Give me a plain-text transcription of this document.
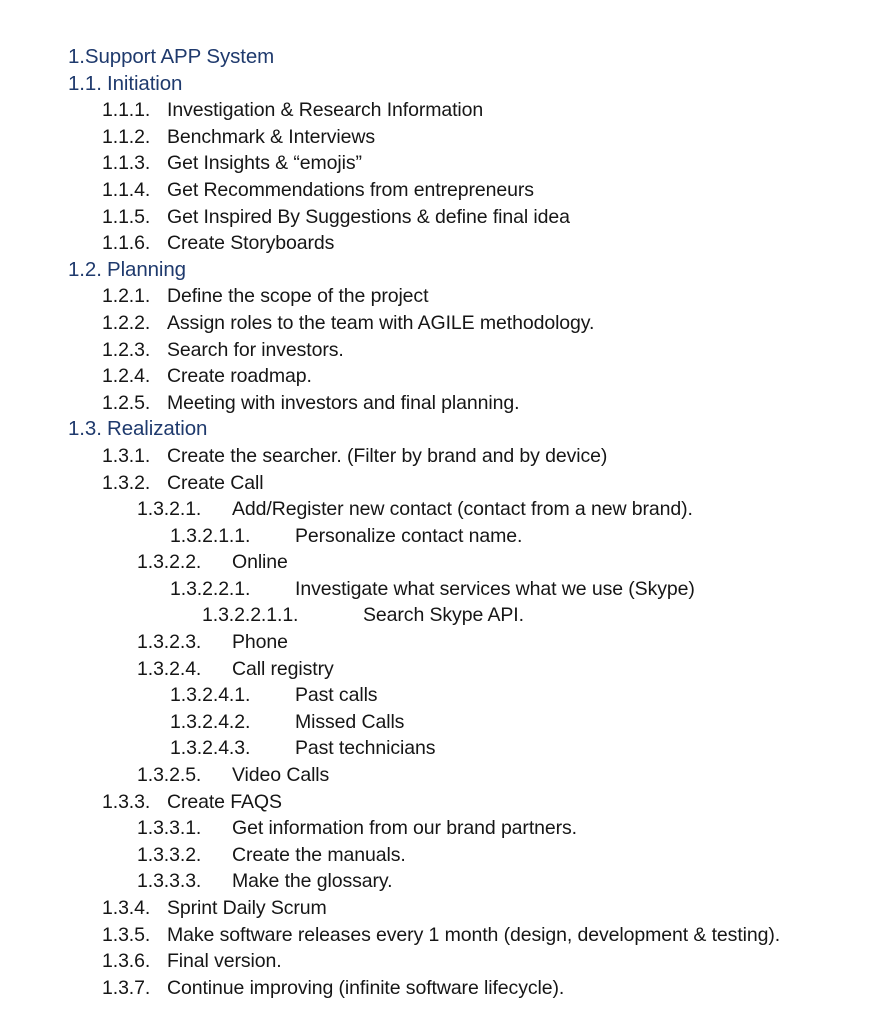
1.Support APP System
1.1. Initiation
1.1.1. Investigation & Research Information
1.1.2. Benchmark & Interviews
1.1.3. Get Insights & “emojis”
1.1.4. Get Recommendations from entrepreneurs
1.1.5. Get Inspired By Suggestions & define final idea
1.1.6. Create Storyboards
1.2. Planning
1.2.1. Define the scope of the project
1.2.2. Assign roles to the team with AGILE methodology.
1.2.3. Search for investors.
1.2.4. Create roadmap.
1.2.5. Meeting with investors and final planning.
1.3. Realization
1.3.1. Create the searcher. (Filter by brand and by device)
1.3.2. Create Call
1.3.2.1. Add/Register new contact (contact from a new brand).
1.3.2.1.1. Personalize contact name.
1.3.2.2. Online
1.3.2.2.1. Investigate what services what we use (Skype)
1.3.2.2.1.1.	Search Skype API.
1.3.2.3. Phone
1.3.2.4. Call registry
1.3.2.4.1. Past calls
1.3.2.4.2. Missed Calls
1.3.2.4.3. Past technicians
1.3.2.5. Video Calls
1.3.3. Create FAQS
1.3.3.1. Get information from our brand partners.
1.3.3.2. Create the manuals.
1.3.3.3. Make the glossary.
1.3.4. Sprint Daily Scrum
1.3.5. Make software releases every 1 month (design, development & testing).
1.3.6. Final version.
1.3.7. Continue improving (infinite software lifecycle).
